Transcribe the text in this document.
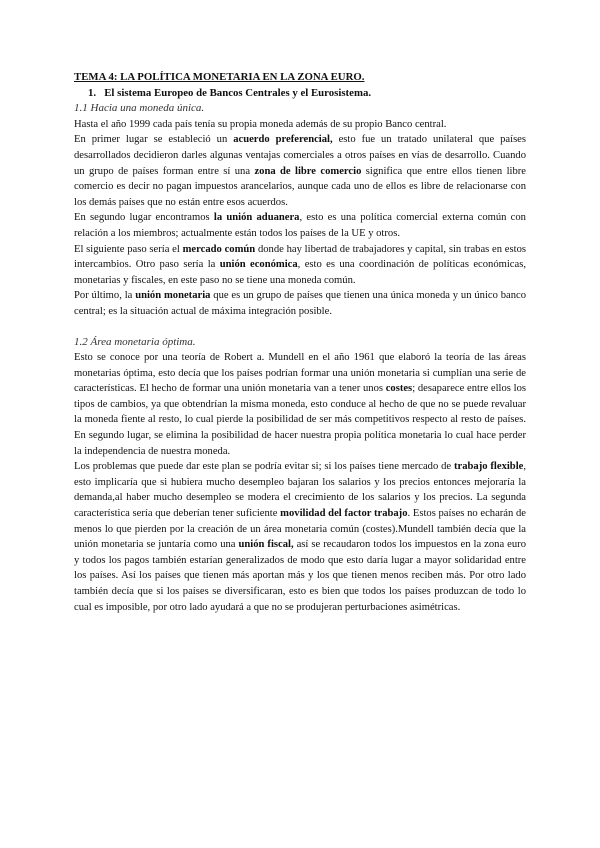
TEMA 4: LA POLÍTICA MONETARIA EN LA ZONA EURO.

1. El sistema Europeo de Bancos Centrales y el Eurosistema.

1.1 Hacia una moneda única.

Hasta el año 1999 cada país tenía su propia moneda además de su propio Banco central.

En primer lugar se estableció un acuerdo preferencial, esto fue un tratado unilateral que países desarrollados decidieron darles algunas ventajas comerciales a otros países en vías de desarrollo. Cuando un grupo de países forman entre sí una zona de libre comercio significa que entre ellos tienen libre comercio es decir no pagan impuestos arancelarios, aunque cada uno de ellos es libre de relacionarse con los demás países que no están entre esos acuerdos.

En segundo lugar encontramos la unión aduanera, esto es una política comercial externa común con relación a los miembros; actualmente están todos los países de la UE y otros.

El siguiente paso sería el mercado común donde hay libertad de trabajadores y capital, sin trabas en estos intercambios. Otro paso sería la unión económica, esto es una coordinación de políticas económicas, monetarias y fiscales, en este paso no se tiene una moneda común.

Por último, la unión monetaria que es un grupo de países que tienen una única moneda y un único banco central; es la situación actual de máxima integración posible.

1.2 Área monetaria óptima.

Esto se conoce por una teoría de Robert a. Mundell en el año 1961 que elaboró la teoría de las áreas monetarias óptima, esto decía que los países podrían formar una unión monetaria si cumplían una serie de características. El hecho de formar una unión monetaria van a tener unos costes; desaparece entre ellos los tipos de cambios, ya que obtendrían la misma moneda, esto conduce al hecho de que no se puede revaluar la moneda fiente al resto, lo cual pierde la posibilidad de ser más competitivos respecto al resto de países. En segundo lugar, se elimina la posibilidad de hacer nuestra propia política monetaria lo cual hace perder la independencia de nuestra moneda.

Los problemas que puede dar este plan se podría evitar si; si los países tiene mercado de trabajo flexible, esto implicaría que si hubiera mucho desempleo bajaran los salarios y los precios entonces mejoraría la demanda,al haber mucho desempleo se modera el crecimiento de los salarios y los precios. La segunda característica sería que deberían tener suficiente movilidad del factor trabajo. Estos países no echarán de menos lo que pierden por la creación de un área monetaria común (costes).Mundell también decía que la unión monetaria se juntaría como una unión fiscal, así se recaudaron todos los impuestos en la zona euro y todos los pagos también estarían generalizados de modo que esto daría lugar a mayor solidaridad entre los países. Así los países que tienen más aportan más y los que tienen menos reciben más. Por otro lado también decía que si los países se diversificaran, esto es bien que todos los países produzcan de todo lo cual es imposible, por otro lado ayudará a que no se produjeran perturbaciones asimétricas.
